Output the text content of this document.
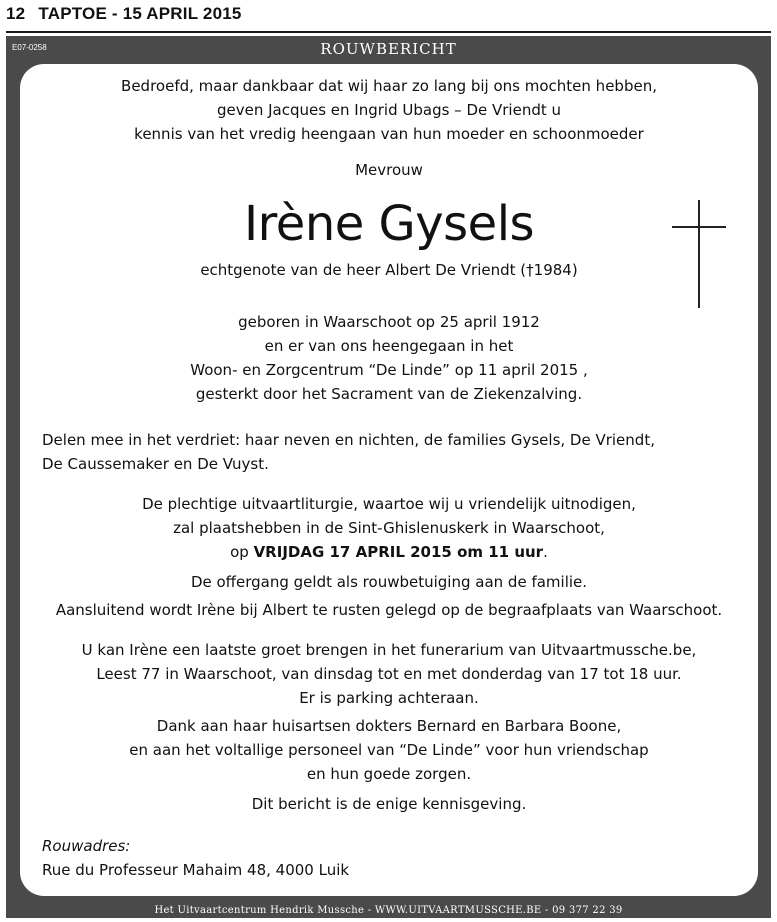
12 TAPTOE - 15 APRIL 2015
E07-0258	ROUWBERICHT
Bedroefd, maar dankbaar dat wij haar zo lang bij ons mochten hebben,
geven Jacques en Ingrid Ubags – De Vriendt u
kennis van het vredig heengaan van hun moeder en schoonmoeder
Mevrouw
Irène Gysels
echtgenote van de heer Albert De Vriendt (†1984)
geboren in Waarschoot op 25 april 1912
en er van ons heengegaan in het
Woon- en Zorgcentrum “De Linde” op 11 april 2015 ,
gesterkt door het Sacrament van de Ziekenzalving.
Delen mee in het verdriet: haar neven en nichten, de families Gysels, De Vriendt,
De Caussemaker en De Vuyst.
De plechtige uitvaartliturgie, waartoe wij u vriendelijk uitnodigen,
zal plaatshebben in de Sint-Ghislenuskerk in Waarschoot,
op VRIJDAG 17 APRIL 2015 om 11 uur.
De offergang geldt als rouwbetuiging aan de familie.
Aansluitend wordt Irène bij Albert te rusten gelegd op de begraafplaats van Waarschoot.
U kan Irène een laatste groet brengen in het funerarium van Uitvaartmussche.be,
Leest 77 in Waarschoot, van dinsdag tot en met donderdag van 17 tot 18 uur.
Er is parking achteraan.
Dank aan haar huisartsen dokters Bernard en Barbara Boone,
en aan het voltallige personeel van “De Linde” voor hun vriendschap
en hun goede zorgen.
Dit bericht is de enige kennisgeving.
Rouwadres:
Rue du Professeur Mahaim 48, 4000 Luik
Het Uitvaartcentrum Hendrik Mussche - WWW.UITVAARTMUSSCHE.BE - 09 377 22 39
